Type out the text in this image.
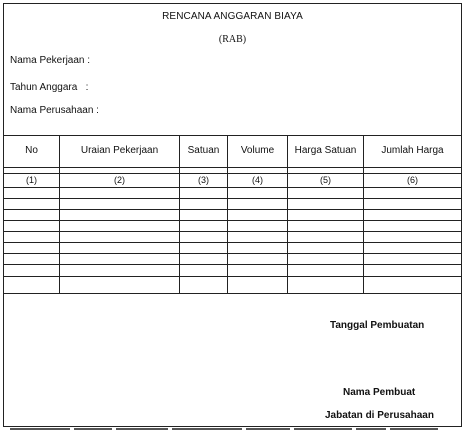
RENCANA ANGGARAN BIAYA
(RAB)
Nama Pekerjaan :
Tahun Anggara   :
Nama Perusahaan :
No	Uraian Pekerjaan	Satuan	Volume	Harga Satuan	Jumlah Harga
(1)	(2)	(3)	(4)	(5)	(6)
Tanggal Pembuatan
Nama Pembuat
Jabatan di Perusahaan
